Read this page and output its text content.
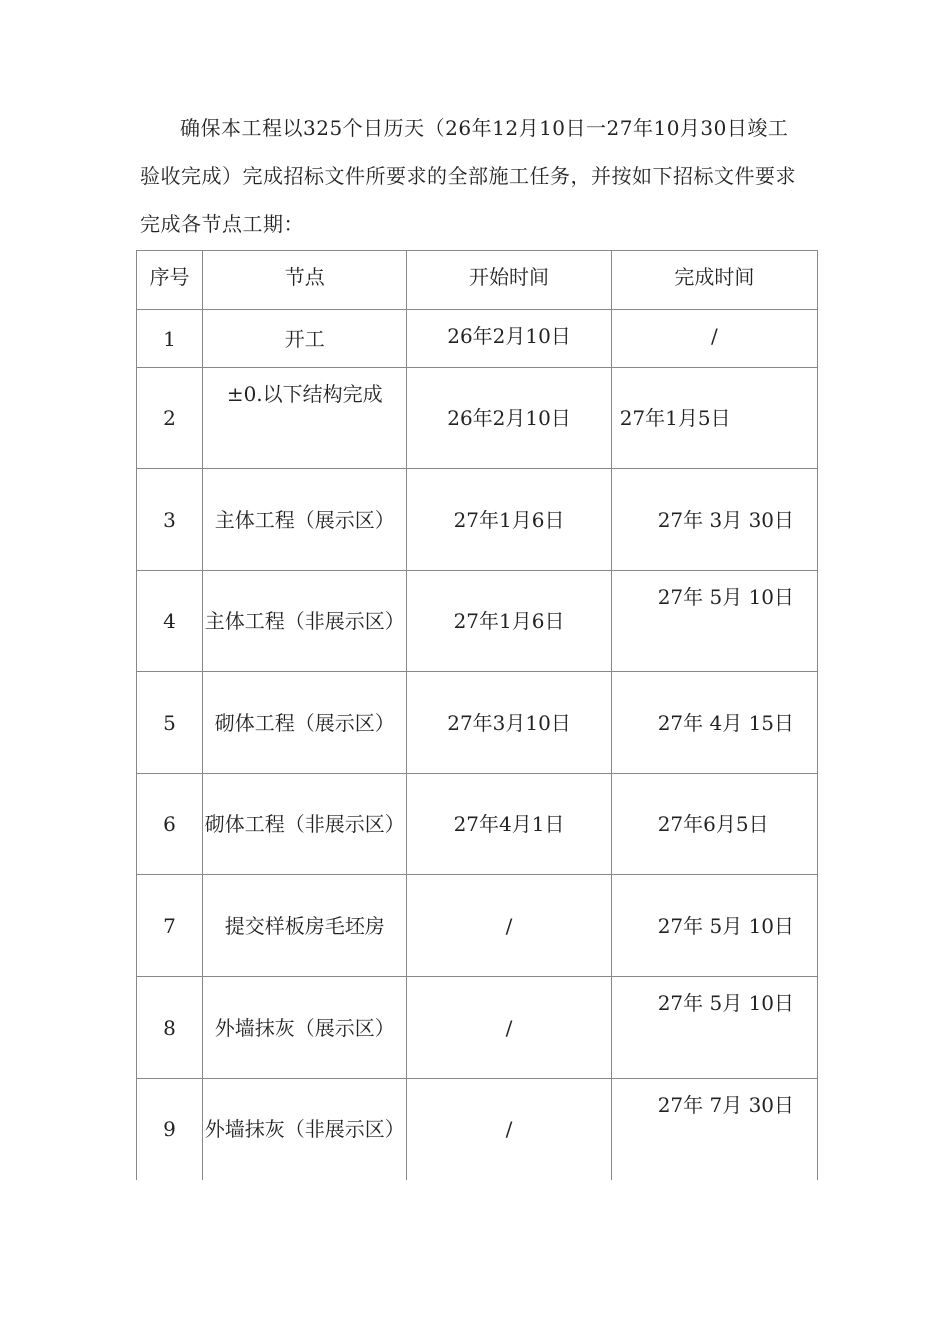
确保本工程以325个日历天（26年12月10日一27年10月30日竣工
验收完成）完成招标文件所要求的全部施工任务，并按如下招标文件要求
完成各节点工期：
序号	节点	开始时间	完成时间
1	开工	26年2月10日	/
2	±0.以下结构完成	26年2月10日	27年1月5日
3	主体工程（展示区）	27年1月6日	27年 3月 30日
4	主体工程（非展示区）	27年1月6日	27年 5月 10日
5	砌体工程（展示区）	27年3月10日	27年 4月 15日
6	砌体工程（非展示区）	27年4月1日	27年6月5日
7	提交样板房毛坯房	/	27年 5月 10日
8	外墙抹灰（展示区）	/	27年 5月 10日
9	外墙抹灰（非展示区）	/	27年 7月 30日
